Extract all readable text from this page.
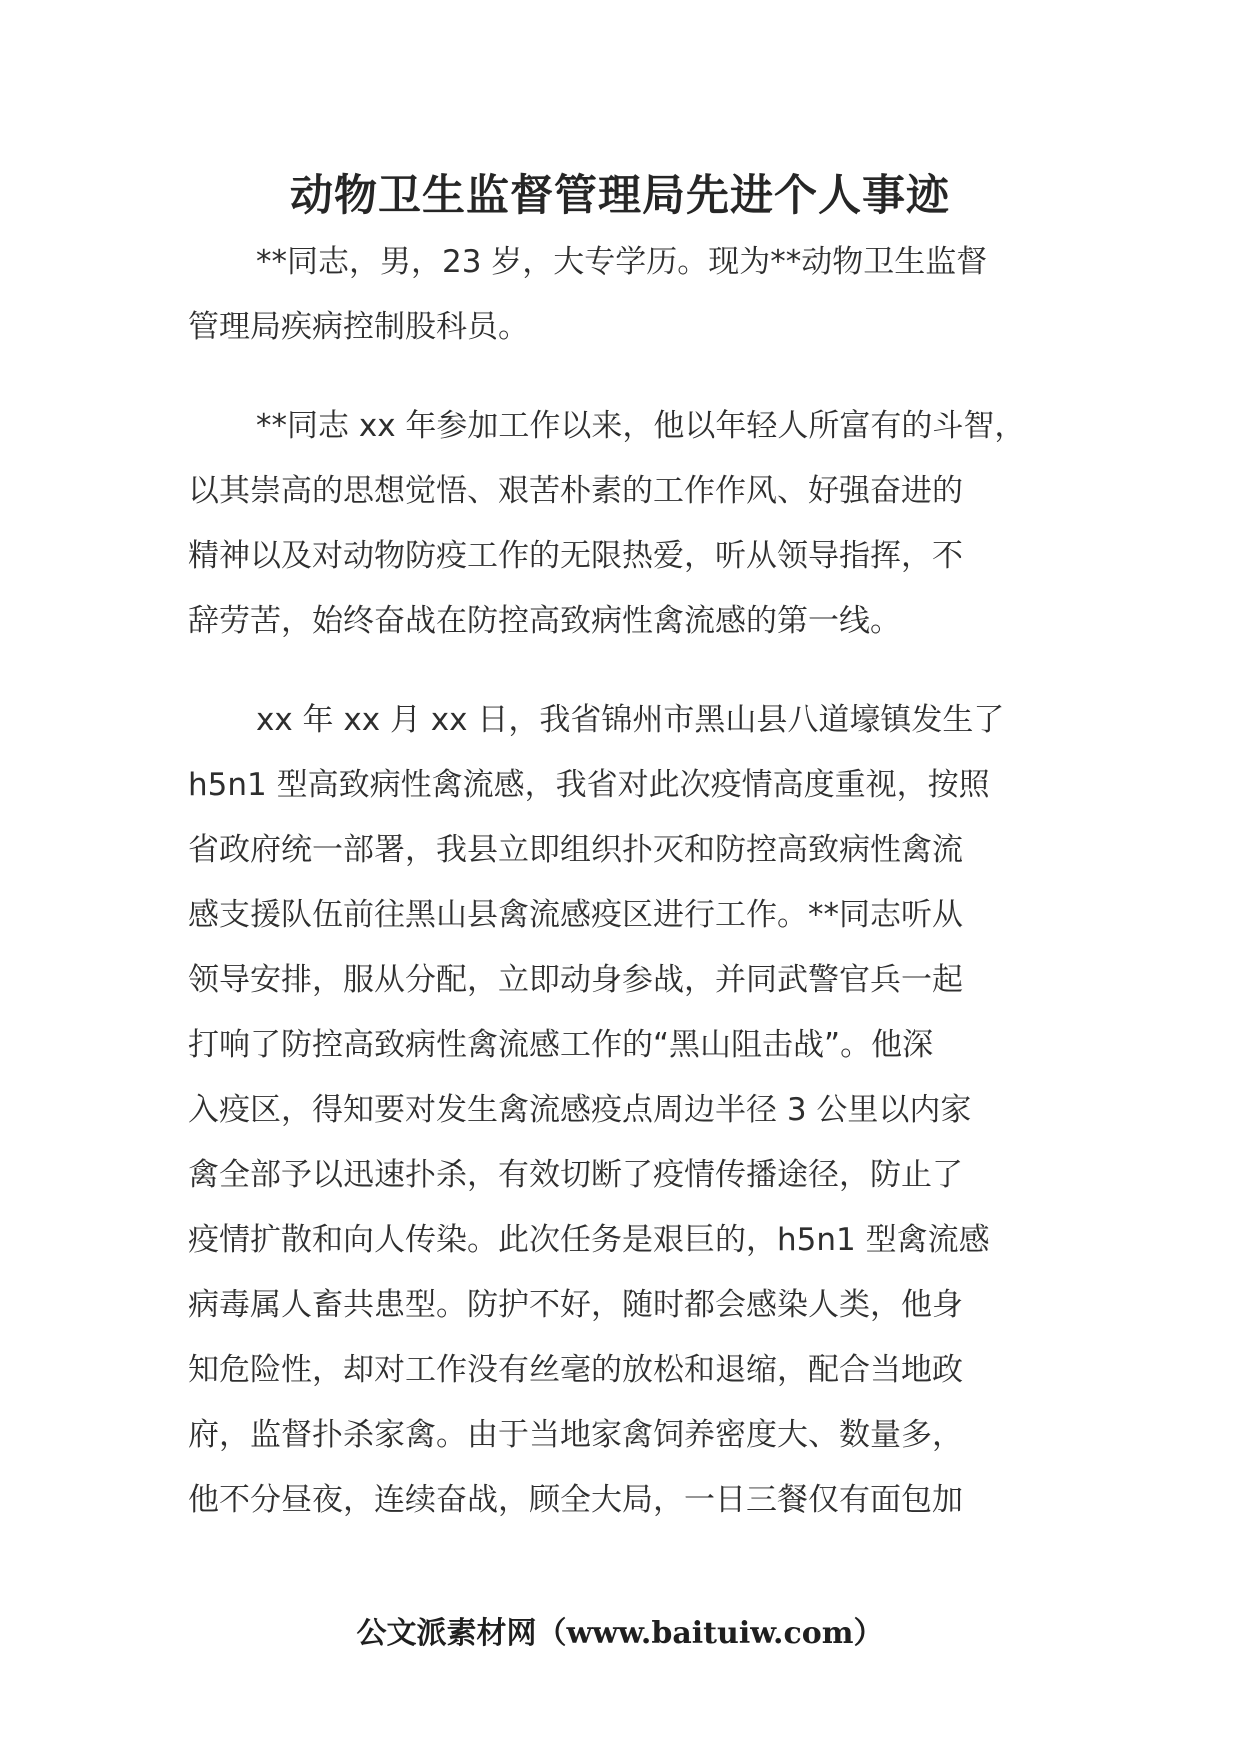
动物卫生监督管理局先进个人事迹

**同志，男，23 岁，大专学历。现为**动物卫生监督
管理局疾病控制股科员。

**同志 xx 年参加工作以来，他以年轻人所富有的斗智，
以其崇高的思想觉悟、艰苦朴素的工作作风、好强奋进的
精神以及对动物防疫工作的无限热爱，听从领导指挥，不
辞劳苦，始终奋战在防控高致病性禽流感的第一线。

xx 年 xx 月 xx 日，我省锦州市黑山县八道壕镇发生了
h5n1 型高致病性禽流感，我省对此次疫情高度重视，按照
省政府统一部署，我县立即组织扑灭和防控高致病性禽流
感支援队伍前往黑山县禽流感疫区进行工作。**同志听从
领导安排，服从分配，立即动身参战，并同武警官兵一起
打响了防控高致病性禽流感工作的“黑山阻击战”。他深
入疫区，得知要对发生禽流感疫点周边半径 3 公里以内家
禽全部予以迅速扑杀，有效切断了疫情传播途径，防止了
疫情扩散和向人传染。此次任务是艰巨的，h5n1 型禽流感
病毒属人畜共患型。防护不好，随时都会感染人类，他身
知危险性，却对工作没有丝毫的放松和退缩，配合当地政
府，监督扑杀家禽。由于当地家禽饲养密度大、数量多，
他不分昼夜，连续奋战，顾全大局，一日三餐仅有面包加

公文派素材网（www.baituiw.com）
